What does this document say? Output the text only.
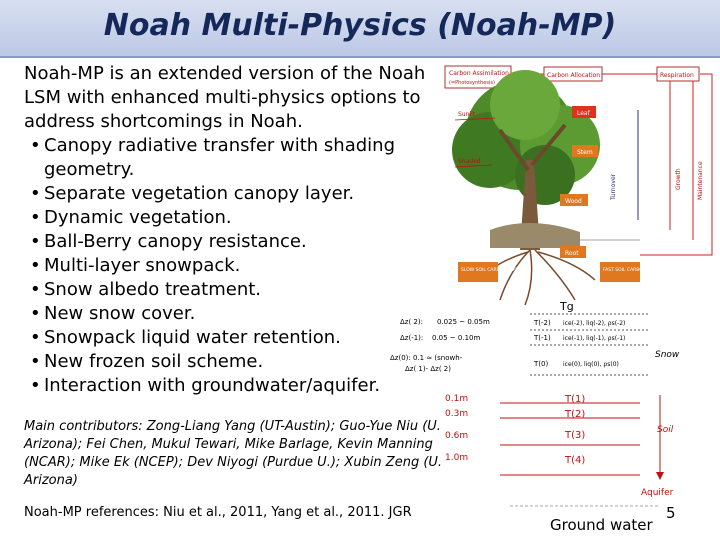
Noah Multi-Physics (Noah-MP)
Noah-MP is an extended version of the Noah LSM with enhanced multi-physics options to address shortcomings in Noah.
• Canopy radiative transfer with shading geometry.
• Separate vegetation canopy layer.
• Dynamic vegetation.
• Ball-Berry canopy resistance.
• Multi-layer snowpack.
• Snow albedo treatment.
• New snow cover.
• Snowpack liquid water retention.
• New frozen soil scheme.
• Interaction with groundwater/aquifer.
Carbon Assimilation
(=Photosynthesis)
Carbon Allocation	Respiration
Growth	Maintenance
Turnover
Sunlit
Shaded
Leaf
Stem
Wood
Root
SLOW SOIL CARBON POOL	FAST SOIL CARBON POOL
Tg
T(-2)
T(-1)
T(0)
ice(-2), liq(-2), ρs(-2)
ice(-1), liq(-1), ρs(-1)
ice(0), liq(0), ρs(0)
Δz( 2): 0.025 ~ 0.05m
Δz(-1): 0.05 ~ 0.10m
Δz(0): 0.1 ≈ (snowh-
Δz( 1)- Δz( 2)
Snow
0.1m
0.3m
0.6m
1.0m
T(1)
T(2)
T(3)
T(4)
Soil
Aquifer
Main contributors: Zong-Liang Yang (UT-Austin); Guo-Yue Niu (U. Arizona); Fei Chen, Mukul Tewari, Mike Barlage, Kevin Manning (NCAR); Mike Ek (NCEP); Dev Niyogi (Purdue U.); Xubin Zeng (U. Arizona)
Noah-MP references: Niu et al., 2011, Yang et al., 2011. JGR
Ground water
5
